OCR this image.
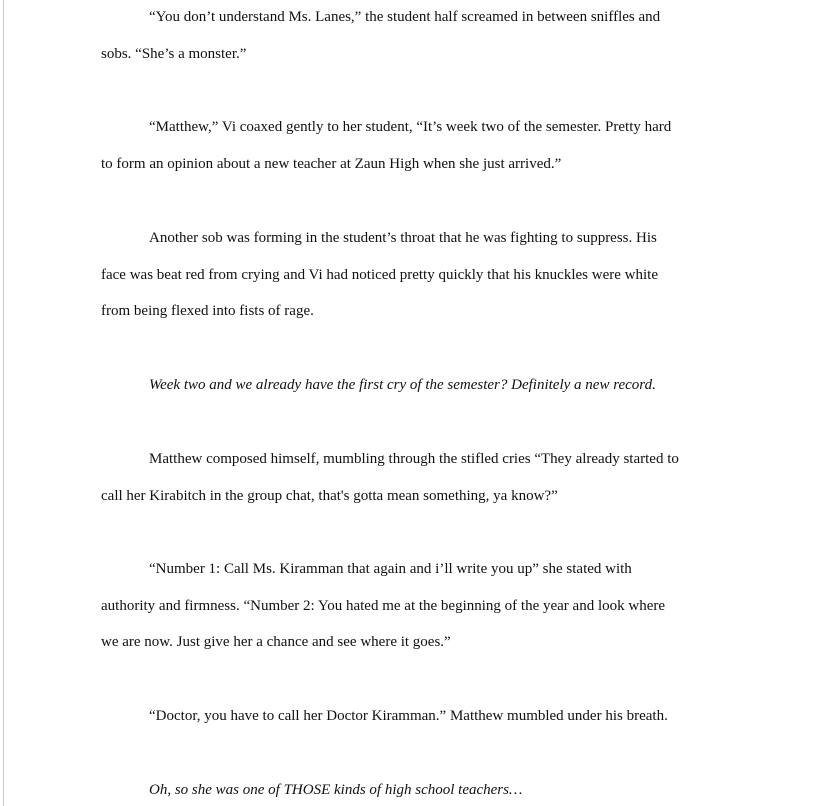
“You don’t understand Ms. Lanes,” the student half screamed in between sniffles and
sobs. “She’s a monster.”
“Matthew,” Vi coaxed gently to her student, “It’s week two of the semester. Pretty hard
to form an opinion about a new teacher at Zaun High when she just arrived.”
Another sob was forming in the student’s throat that he was fighting to suppress. His
face was beat red from crying and Vi had noticed pretty quickly that his knuckles were white
from being flexed into fists of rage.
Week two and we already have the first cry of the semester? Definitely a new record.
Matthew composed himself, mumbling through the stifled cries “They already started to
call her Kirabitch in the group chat, that's gotta mean something, ya know?”
“Number 1: Call Ms. Kiramman that again and i’ll write you up” she stated with
authority and firmness. “Number 2: You hated me at the beginning of the year and look where
we are now. Just give her a chance and see where it goes.”
“Doctor, you have to call her Doctor Kiramman.” Matthew mumbled under his breath.
Oh, so she was one of THOSE kinds of high school teachers…
